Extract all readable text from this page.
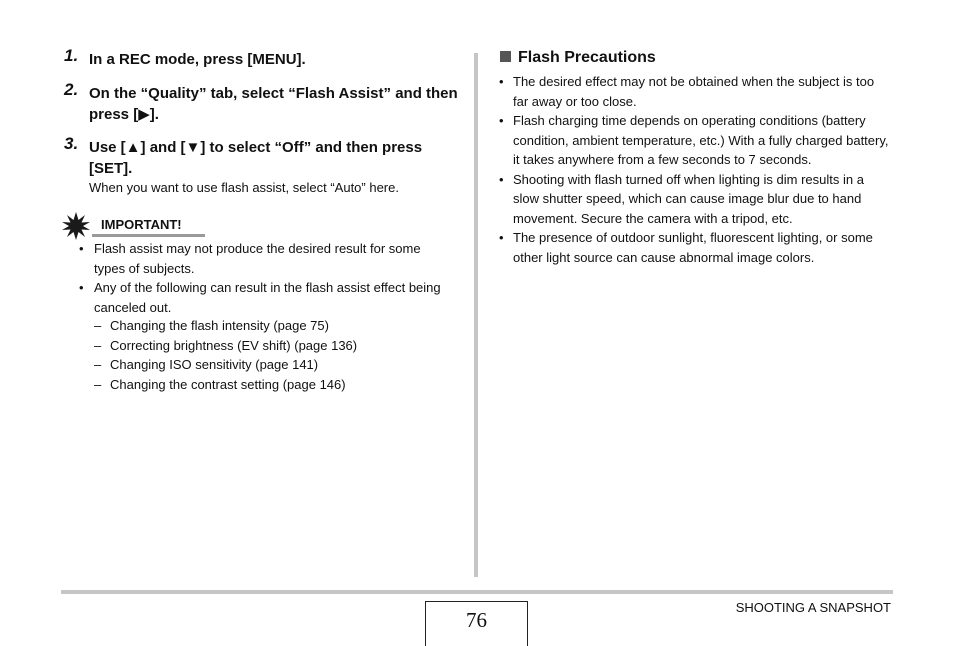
1. In a REC mode, press [MENU].
2. On the “Quality” tab, select “Flash Assist” and then press [▶].
3. Use [▲] and [▼] to select “Off” and then press [SET].
When you want to use flash assist, select “Auto” here.
IMPORTANT!
• Flash assist may not produce the desired result for some types of subjects.
• Any of the following can result in the flash assist effect being canceled out.
– Changing the flash intensity (page 75)
– Correcting brightness (EV shift) (page 136)
– Changing ISO sensitivity (page 141)
– Changing the contrast setting (page 146)
Flash Precautions
• The desired effect may not be obtained when the subject is too far away or too close.
• Flash charging time depends on operating conditions (battery condition, ambient temperature, etc.) With a fully charged battery, it takes anywhere from a few seconds to 7 seconds.
• Shooting with flash turned off when lighting is dim results in a slow shutter speed, which can cause image blur due to hand movement. Secure the camera with a tripod, etc.
• The presence of outdoor sunlight, fluorescent lighting, or some other light source can cause abnormal image colors.
76
SHOOTING A SNAPSHOT
